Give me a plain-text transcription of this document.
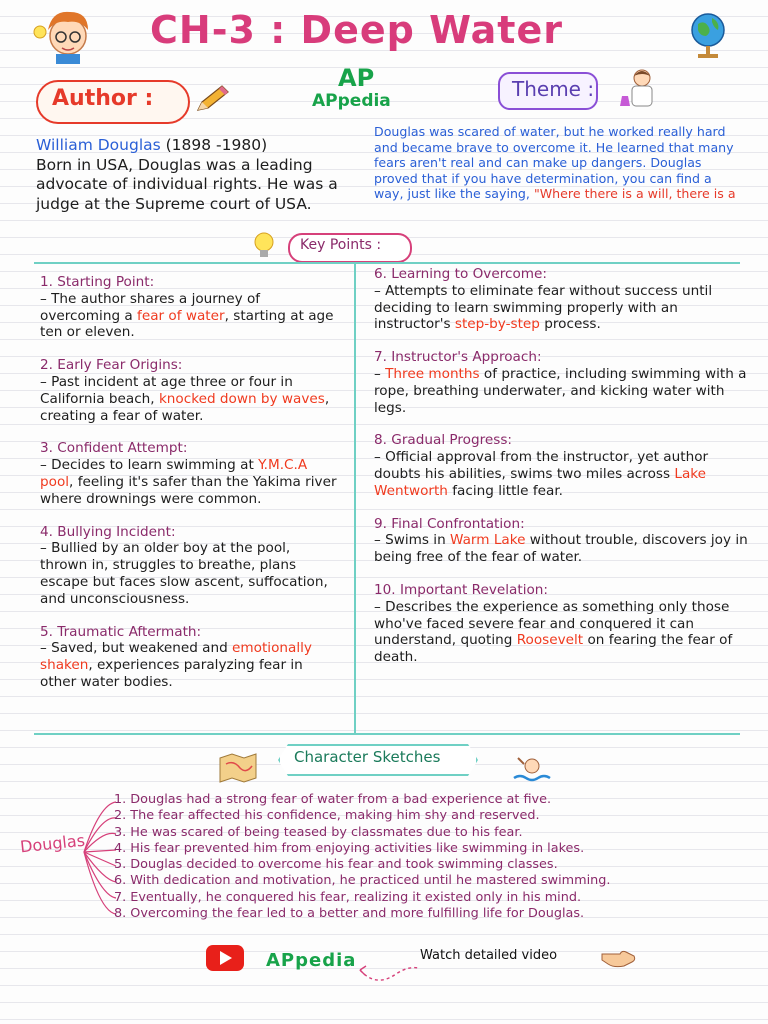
CH-3 : Deep Water
Author :
AP
APpedia	Theme :
William Douglas (1898 -1980)
Born in USA, Douglas was a leading advocate of individual rights. He was a judge at the Supreme court of USA.
Douglas was scared of water, but he worked really hard and became brave to overcome it. He learned that many fears aren't real and can make up dangers. Douglas proved that if you have determination, you can find a way, just like the saying, "Where there is a will, there is a
Key Points :
1. Starting Point:
– The author shares a journey of overcoming a fear of water, starting at age ten or eleven.
2. Early Fear Origins:
– Past incident at age three or four in California beach, knocked down by waves, creating a fear of water.
3. Confident Attempt:
– Decides to learn swimming at Y.M.C.A pool, feeling it's safer than the Yakima river where drownings were common.
4. Bullying Incident:
– Bullied by an older boy at the pool, thrown in, struggles to breathe, plans escape but faces slow ascent, suffocation, and unconsciousness.
5. Traumatic Aftermath:
– Saved, but weakened and emotionally shaken, experiences paralyzing fear in other water bodies.
6. Learning to Overcome:
– Attempts to eliminate fear without success until deciding to learn swimming properly with an instructor's step-by-step process.
7. Instructor's Approach:
– Three months of practice, including swimming with a rope, breathing underwater, and kicking water with legs.
8. Gradual Progress:
– Official approval from the instructor, yet author doubts his abilities, swims two miles across Lake Wentworth facing little fear.
9. Final Confrontation:
– Swims in Warm Lake without trouble, discovers joy in being free of the fear of water.
10. Important Revelation:
– Describes the experience as something only those who've faced severe fear and conquered it can understand, quoting Roosevelt on fearing the fear of death.
Character Sketches
Douglas
1. Douglas had a strong fear of water from a bad experience at five.
2. The fear affected his confidence, making him shy and reserved.
3. He was scared of being teased by classmates due to his fear.
4. His fear prevented him from enjoying activities like swimming in lakes.
5. Douglas decided to overcome his fear and took swimming classes.
6. With dedication and motivation, he practiced until he mastered swimming.
7. Eventually, he conquered his fear, realizing it existed only in his mind.
8. Overcoming the fear led to a better and more fulfilling life for Douglas.
APpedia	Watch detailed video
